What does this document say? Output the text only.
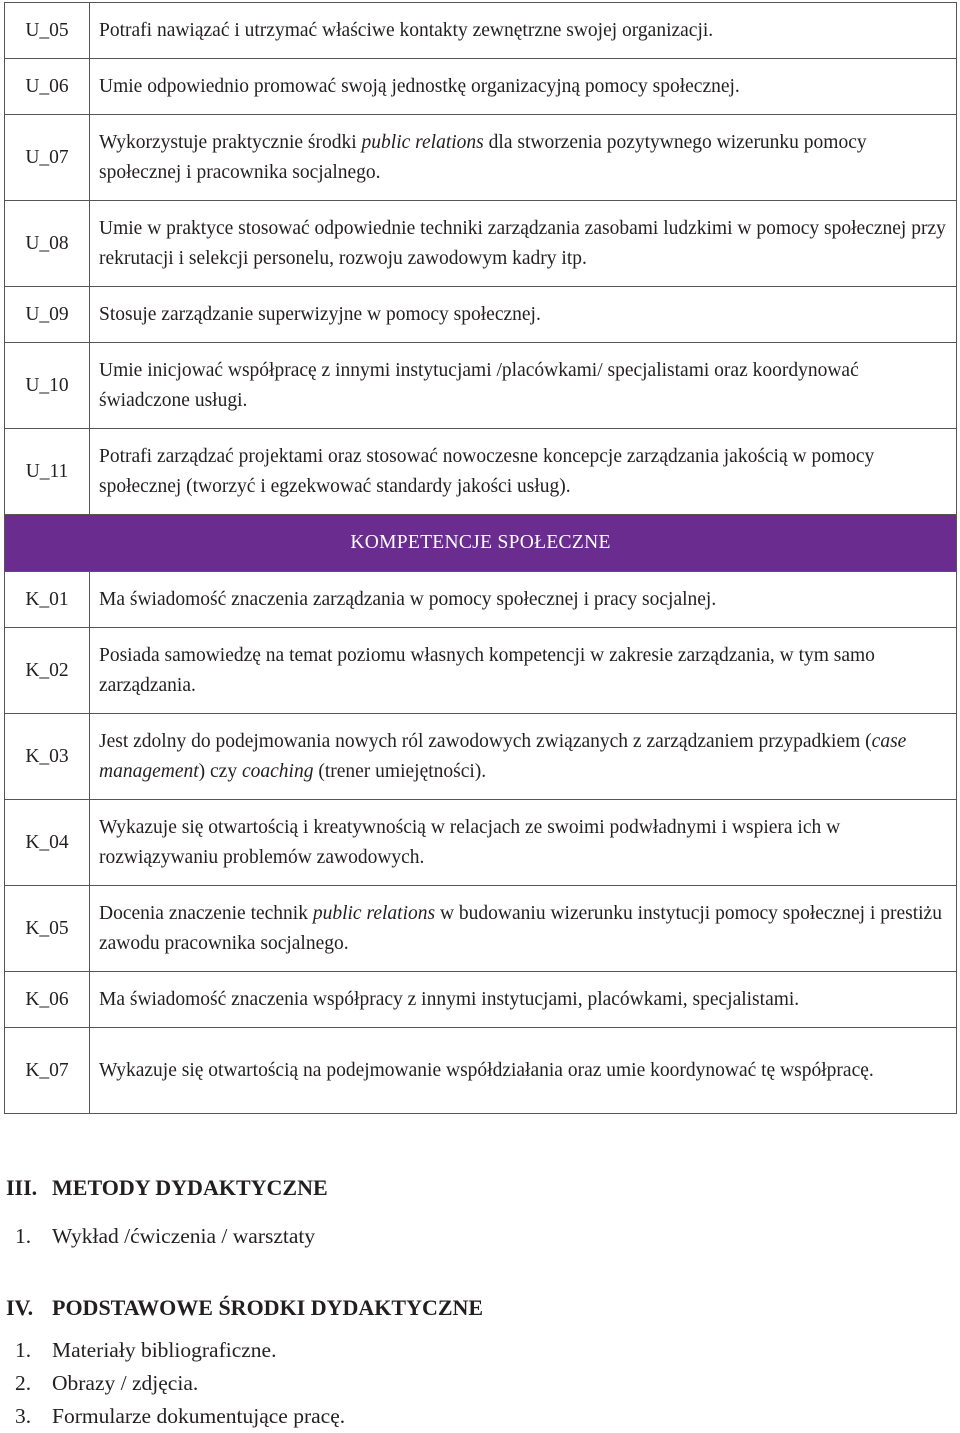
U_05	Potrafi nawiązać i utrzymać właściwe kontakty zewnętrzne swojej organizacji.
U_06	Umie odpowiednio promować swoją jednostkę organizacyjną pomocy społecznej.
U_07	Wykorzystuje praktycznie środki public relations dla stworzenia pozytywnego wizerunku pomocy społecznej i pracownika socjalnego.
U_08	Umie w praktyce stosować odpowiednie techniki zarządzania zasobami ludzkimi w pomocy społecznej przy rekrutacji i selekcji personelu, rozwoju zawodowym kadry itp.
U_09	Stosuje zarządzanie superwizyjne w pomocy społecznej.
U_10	Umie inicjować współpracę z innymi instytucjami /placówkami/ specjalistami oraz koordynować świadczone usługi.
U_11	Potrafi zarządzać projektami oraz stosować nowoczesne koncepcje zarządzania jakością w pomocy społecznej (tworzyć i egzekwować standardy jakości usług).
KOMPETENCJE SPOŁECZNE	
K_01	Ma świadomość znaczenia zarządzania w pomocy społecznej i pracy socjalnej.
K_02	Posiada samowiedzę na temat poziomu własnych kompetencji w zakresie zarządzania, w tym samo zarządzania.
K_03	Jest zdolny do podejmowania nowych ról zawodowych związanych z zarządzaniem przypadkiem (case management) czy coaching (trener umiejętności).
K_04	Wykazuje się otwartością i kreatywnością w relacjach ze swoimi podwładnymi i wspiera ich w rozwiązywaniu problemów zawodowych.
K_05	Docenia znaczenie technik public relations w budowaniu wizerunku instytucji pomocy społecznej i prestiżu zawodu pracownika socjalnego.
K_06	Ma świadomość znaczenia współpracy z innymi instytucjami, placówkami, specjalistami.
K_07	Wykazuje się otwartością na podejmowanie współdziałania oraz umie koordynować tę współpracę.
III. METODY DYDAKTYCZNE
1. Wykład /ćwiczenia / warsztaty
IV. PODSTAWOWE ŚRODKI DYDAKTYCZNE
1. Materiały bibliograficzne.
2. Obrazy / zdjęcia.
3. Formularze dokumentujące pracę.
